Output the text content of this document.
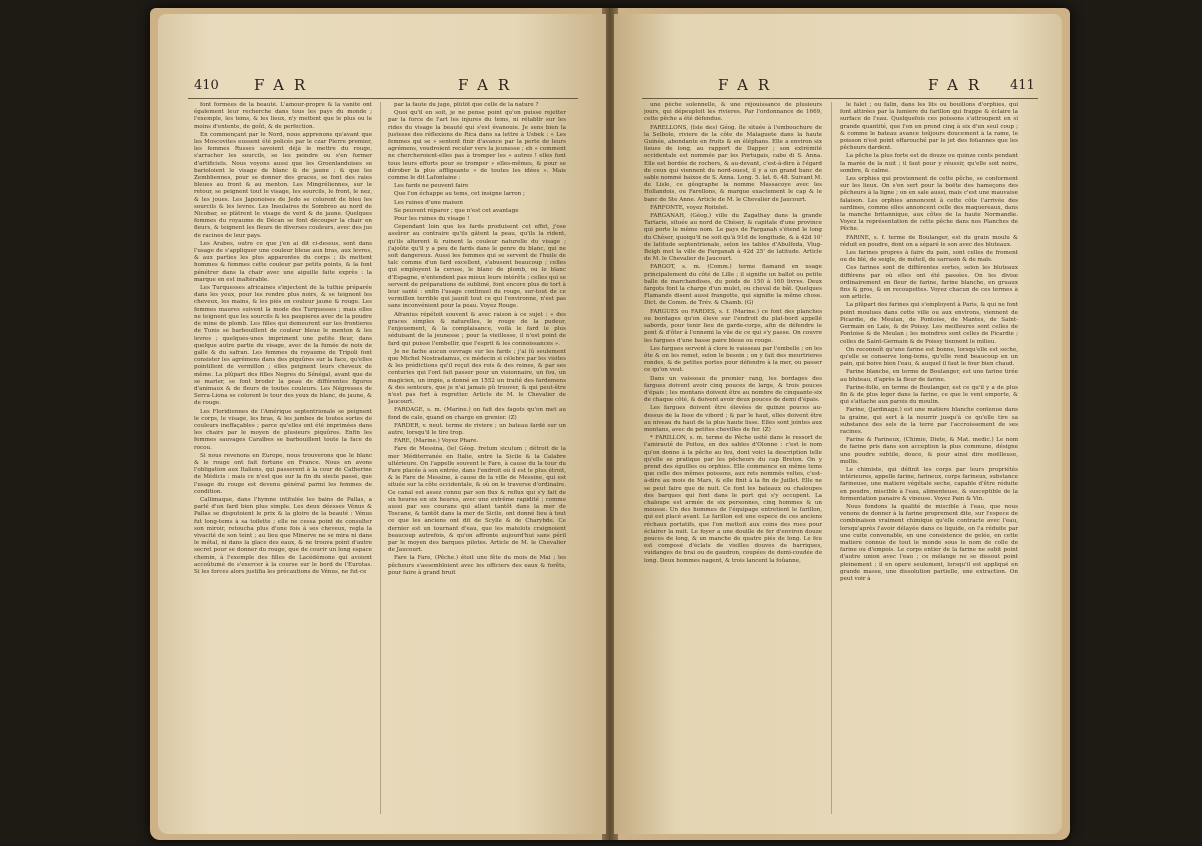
410 FAR	FAR

font formées de la beauté. L'amour-propre & la vanité ont également leur recherche dans tous les pays du monde ; l'exemple, les tems, & les lieux, n'y mettent que le plus ou le moins d'entente, de goût, & de perfection.

En commençant par le Nord, nous apprenons qu'avant que les Moscovites eussent été policés par le czar Pierre premier, les femmes Russes savoient déjà le mettre du rouge, s'arracher les sourcils, se les peindre ou s'en former d'artificiels. Nous voyons aussi que les Groenlandoises se barioloient le visage de blanc & de jaune ; & que les Zembliennes, pour se donner des graces, se font des raies bleues au front & au menton. Les Mingréliennes, sur le retour, se peignent tout le visage, les sourcils, le front, le nez, & les joues. Les Japonoises de Jedo se colorent de bleu les sourcils & les levres. Les Insulaires de Sombreo au nord de Nicobar, se plâtrent le visage de verd & de jaune. Quelques femmes du royaume de Décan se font découper la chair en fleurs, & teignent les fleurs de diverses couleurs, avec des jus de racines de leur pays.

Les Arabes, outre ce que j'en ai dit ci-dessus, sont dans l'usage de s'appliquer une couleur bleue aux bras, aux levres, & aux parties les plus apparentes du corps ; ils mettent hommes & femmes cette couleur par petits points, & la font pénétrer dans la chair avec une aiguille faite exprès : la marque en est inaltérable.

Les Turquesses africaines s'injectent de la tuthie préparée dans les yeux, pour les rendre plus noirs, & se teignent les cheveux, les mains, & les piés en couleur jaune & rouge. Les femmes maures suivent la mode des Turquesses ; mais elles ne teignent que les sourcils & les paupieres avec de la poudre de mine de plomb. Les filles qui demeurent sur les frontieres de Tunis se barbouillent de couleur bleue le menton & les levres ; quelques-unes impriment une petite fleur, dans quelque autre partie du visage, avec de la fumée de noix de galle & du safran. Les femmes du royaume de Tripoli font consister les agrémens dans des piquûres sur la face, qu'elles pointillent de vermillon ; elles peignent leurs cheveux de même. La plûpart des filles Negres du Sénégal, avant que de se marier, se font broder la peau de différentes figures d'animaux & de fleurs de toutes couleurs. Les Négresses de Serra-Liona se colorent le tour des yeux de blanc, de jaune, & de rouge.

Les Floridiennes de l'Amérique septentrionale se peignent le corps, le visage, les bras, & les jambes de toutes sortes de couleurs ineffaçables ; parce qu'elles ont été imprimées dans les chairs par le moyen de plusieurs piquûres. Enfin les femmes sauvages Caraïbes se barbouillent toute la face de rocou.

Si nous revenons en Europe, nous trouverons que le blanc & le rouge ont fait fortune en France. Nous en avons l'obligation aux Italiens, qui passerent à la cour de Catherine de Médicis : mais ce n'est que sur la fin du siecle passé, que l'usage du rouge est devenu général parmi les femmes de condition.

Callimaque, dans l'hymne intitulée les bains de Pallas, a parlé d'un fard bien plus simple. Les deux déesses Vénus & Pallas se disputoient le prix & la gloire de la beauté : Vénus fut long-tems à sa toilette ; elle ne cessa point de consulter son miroir, retoucha plus d'une fois à ses cheveux, regla la vivacité de son teint ; au lieu que Minerve ne se mira ni dans le métal, ni dans la glace des eaux, & ne trouva point d'autre secret pour se donner du rouge, que de courir un long espace chemin, à l'exemple des filles de Lacédémone qui avoient accoûtumé de s'exercer à la course sur le bord de l'Eurotas. Si les forces alors justifia les précautions de Vénus, ne fut-ce

par la faute du juge, plûtôt que celle de la nature ?

Quoi qu'il en soit, je ne pense point qu'on puisse rejetter par la force de l'art les injures du tems, ni rétablir sur les rides du visage la beauté qui s'est évanouie. Je sens bien la justesse des réflexions de Rica dans sa lettre à Usbek : « Les femmes qui se » sentent finir d'avance par la perte de leurs agrémens, voudroient reculer vers la jeunesse ; eh » comment ne chercheroient-elles pas à tromper les » autres ! elles font tous leurs efforts pour se tromper » elles-mêmes, & pour se dérober la plus affligeante » de toutes les idées ». Mais comme le dit Lafontaine :

Les fards ne peuvent faire

Que l'on échappe au tems, cet insigne larron ;

Les ruines d'une maison

Se peuvent réparer ; que n'est cet avantage

Pour les ruines du visage !

Cependant loin que les fards produisent cet effet, j'ose assûrer au contraire qu'ils gâtent la peau, qu'ils la rident, qu'ils alterent & ruinent la couleur naturelle du visage ; j'ajoûte qu'il y a peu de fards dans le genre du blanc, qui ne soit dangereux. Aussi les femmes qui se servent de l'huile de talc comme d'un fard excellent, s'abusent beaucoup ; celles qui employent la ceruse, le blanc de plomb, ou le blanc d'Espagne, n'entendent pas mieux leurs intérêts ; celles qui se servent de préparations de sublimé, font encore plus de tort à leur santé : enfin l'usage continuel du rouge, sur-tout de ce vermillon terrible qui jaunit tout ce qui l'environne, n'est pas sans inconvénient pour la peau. Voyez Rouge.

Afranius répétoit souvent & avec raison à ce sujet : « des graces simples & naturelles, le rouge de la pudeur, l'enjouement, & la complaisance, voilà le fard le plus séduisant de la jeunesse ; pour la vieillesse, il n'est point de fard qui puisse l'embellir, que l'esprit & les connoissances ».

Je ne fache aucun ouvrage sur les fards ; j'ai lû seulement que Michel Nostradamus, ce médecin si célebre par les visites & les prédictions qu'il reçut des rois & des reines, & par ses centuries qui l'ont fait passer pour un visionnaire, un fou, un magicien, un impie, a donné en 1552 un traité des fardemens & des senteurs, que je n'ai jamais pû trouver, & qui peut-être n'est pas fort à regretter. Article de M. le Chevalier de Jaucourt.

FARDAGE, s. m. (Marine.) on fait des fagots qu'on met au fond de cale, quand on charge en grenier. (Z)

FARDER, v. neut. terme de riviere ; un bateau fardé sur un autre, lorsqu'il le tire trop.

FARE, (Marine.) Voyez Phare.

Fare de Messina, (le) Géog. fretum siculum ; détroit de la mer Méditerranée en Italie, entre la Sicile & la Calabre ultérieure. On l'appelle souvent le Fare, à cause du la tour du Fare placée à son entrée, dans l'endroit où il est le plus étroit, & le Fare de Messine, à cause de la ville de Messine, qui est située sur la côte occidentale, & où on le traverse d'ordinaire. Ce canal est assez connu par son flux & reflux qui s'y fait de six heures en six heures, avec une extrême rapidité ; comme aussi par ses courans qui allant tantôt dans la mer de Toscane, & tantôt dans la mer de Sicile, ont donné lieu à tout ce que les anciens ont dit de Scylle & de Charybde. Ce dernier est un tournant d'eau, que les matelots craignoient beaucoup autrefois, & qu'on affronte aujourd'hui sans péril par le moyen des barques pilotes. Article de M. le Chevalier de Jaucourt.

Fare la Fare, (Pêche.) étoit une fête du mois de Mai ; les pêcheurs s'assembloient avec les officiers des eaux & forêts, pour faire à grand bruit

FAR	FAR 411

une pêche solennelle, & une réjouissance de plusieurs jours, qui dépeuploit les rivieres. Par l'ordonnance de 1669, cette pêche a été défendue.

FARELLONS, (Isle des) Géog. île située à l'embouchure de la Selbole, riviere de la côte de Malaguete dans la haute Guinée, abondante en fruits & en éléphans. Elle a environ six lieues de long, au rapport de Dapper ; son extrémité occidentale est nommée par les Portugais, cabo di S. Anna. Elle est bordée de rochers, & au-devant, c'est-à-dire à l'égard de ceux qui viennent du nord-ouest, il y a un grand banc de sable nommé baixos de S. Anna. Long. 5. lat. 6. 48. Suivant M. de Lisle, ce géographe la nomme Massacoye avec les Hollandois, ou Farellons, & marque exactement le cap & le banc de Ste Anne. Article de M. le Chevalier de Jaucourt.

FARFONTE, voyez Roitelet.

FARGANAH, (Géog.) ville du Zagathay dans la grande Tartarie, située au nord de Chéser, & capitale d'une province qui porte le même nom. Le pays de Farganah s'étend le long du Chéser, quoiqu'il ne soit qu'à 91d de longitude, & à 42d 10' de latitude septentrionale, selon les tables d'Abulfeda, Vlug-Beigh met la ville de Farganah à 42d 25' de latitude. Article de M. le Chevalier de Jaucourt.

FARGOT, s. m. (Comm.) terme flamand en usage principalement du côté de Lille ; il signifie un ballot ou petite balle de marchandises, du poids de 150 à 160 livres. Deux fargots font la charge d'un mulet, ou cheval de bât. Quelques Flamands disent aussi frangotte, qui signifie la même chose. Dict. de Comm. de Trév. & Chamb. (G)

FARGUES ou FARDES, s. f. (Marine.) ce font des planches ou bordages qu'on éleve sur l'endroit du plat-bord appellé sabords, pour tenir lieu de garde-corps, afin de défendre le pont & d'ôter à l'ennemi la vûe de ce qui s'y passe. On couvre les fargues d'une basse paire bleue ou rouge.

Les fargues servent à clore le vaisseau par l'embelle ; on les ôte & on les remet, selon le besoin ; on y fait des meurtrieres rondes, & de petites portes pour défendre à la mer, ou passer ce qu'on veut.

Dans un vaisseau du premier rang, les bordages des fargues doivent avoir cinq pouces de large, & trois pouces d'épais ; les montans doivent être au nombre de cinquante-six de chaque côté, & doivent avoir deux pouces de demi d'épais.

Les fargues doivent être élevées de quinze pouces au-dessus de la lisse de vibord ; & par le haut, elles doivent être au niveau du haut de la plus haute lisse. Elles sont jointes aux montans, avec de petites chevilles de fer. (Z)

* FARILLON, s. m. terme de Pêche usité dans le ressort de l'amirauté de Poitou, en des sables d'Olonne : c'est le nom qu'on donne à la pêche au feu, dont voici la description telle qu'elle se pratique par les pêcheurs du cap Breton. On y prend des éguilles ou orphies. Elle commence en même tems que celle des mêmes poissons, aux rets nommés veltes, c'est-à-dire au mois de Mars, & elle finit à la fin de Juillet. Elle ne se peut faire que de nuit. Ce font les bateaux ou chaloupes des barques qui font dans le port qui s'y occupent. La chaloupe est armée de six personnes, cinq hommes & un mousse. Un des hommes de l'équipage entretient le farillon, qui est placé avant. Le farillon est une espece de ces anciens réchaux portatifs, que l'on mettoit aux coins des rues pour éclairer la nuit. Le foyer a une douille de fer d'environ douze pouces de long, & un manche de quatre piés de long. Le feu est composé d'éclats de vieilles douves de barriques, vuidanges de brai ou de gaudron, coupées de demi-coudée de long. Deux hommes nagent, & trois lancent la foûanne,

le falet ; ou falin, dans les lits ou bouillons d'orphies, qui font attirées par la lumiere du farillon qui frappe & éclaire la surface de l'eau. Quelquefois ces poissons s'attroupent en si grande quantité, que l'on en prend cinq à six d'un seul coup ; & comme le bateau avance toûjours doucement à la rame, le poisson n'est point effarouché par le jet des foüannes que les pêcheurs dardent.

La pêche la plus forte est de douze ou quinze cents pendant la marée de la nuit ; il faut pour y réussir, qu'elle soit noire, sombre, & calme.

Les orphies qui proviennent de cette pêche, se conforment sur les lieux. On s'en sert pour la boëte des hameçons des pêcheurs à la ligne ; on en sale aussi, mais c'est une mauvaise falaison. Les orphies annoncent à cette côte l'arrivée des sardines, comme elles annoncent celle des maquereaux, dans la manche britannique, aux côtes de la haute Normandie. Voyez la représentation de cette pêche dans nos Planches de Pêche.

FARINE, s. f. terme de Boulanger, est du grain moulu & réduit en poudre, dont on a séparé le son avec des bluteaux.

Les farines propres à faire du pain, sont celles de froment ou de blé, de seigle, de méteil, de sarrasin & de maïs.

Ces farines sont de différentes sortes, selon les bluteaux différens par où elles ont été passées. On les divise ordinairement en fleur de farine, farine blanche, en gruaux fins & gros, & en recoupettes. Voyez chacun de ces termes à son article.

La plûpart des farines qui s'employent à Paris, & qui ne font point moulues dans cette ville ou aux environs, viennent de Picardie, de Meulan, de Pontoise, de Mantes, de Saint-Germain en Laie, & de Poissy. Les meilleures sont celles de Pontoise & de Meulan ; les moindres sont celles de Picardie ; celles de Saint-Germain & de Poissy tiennent le milieu.

On reconnoît qu'une farine est bonne, lorsqu'elle est seche, qu'elle se conserve long-tems, qu'elle rend beaucoup en un pain, qui boive bien l'eau, & auquel il faut le four bien chaud.

Farine blanche, en terme de Boulanger, est une farine tirée au bluteau, d'après la fleur de farine.

Farine-folle, en terme de Boulanger, est ce qu'il y a de plus fin & de plus leger dans la farine, ce que le vent emporte, & qui s'attache aux parois du moulin.

Farine, (Jardinage.) est une matiere blanche contenue dans la graine, qui sert à la nourrir jusqu'à ce qu'elle tire sa substance des sels de la terre par l'accroissement de ses racines.

Farine & Farineux, (Chimie, Diete, & Mat. medic.) Le nom de farine pris dans son acception la plus commune, désigne une poudre subtile, douce, & pour ainsi dire moëlleuse, mollis.

Le chimiste, qui définit les corps par leurs propriétés intérieures, appelle farine, farineux, corps farineux, substance farineuse, une matiere végétale seche, capable d'être réduite en poudre, miscible à l'eau, alimenteuse, & susceptible de la fermentation panaire & vineuse. Voyez Pain & Vin.

Nous fondons la qualité de miscible à l'eau, que nous venons de donner à la farine proprement dite, sur l'espece de combinaison vraiment chimique qu'elle contracte avec l'eau, lorsqu'après l'avoir délayée dans ce liquide, on l'a réduite par une cuite convenable, en une consistence de gelée, en cette matiere connue de tout le monde sous le nom de colle de farine ou d'empois. Le corps entier de la farine ne subit point d'autre union avec l'eau ; ce mélange ne se dissout point pleinement ; il en opere seulement, lorsqu'il est appliqué en grande masse, une dissolution partielle, une extraction. On peut voir à
